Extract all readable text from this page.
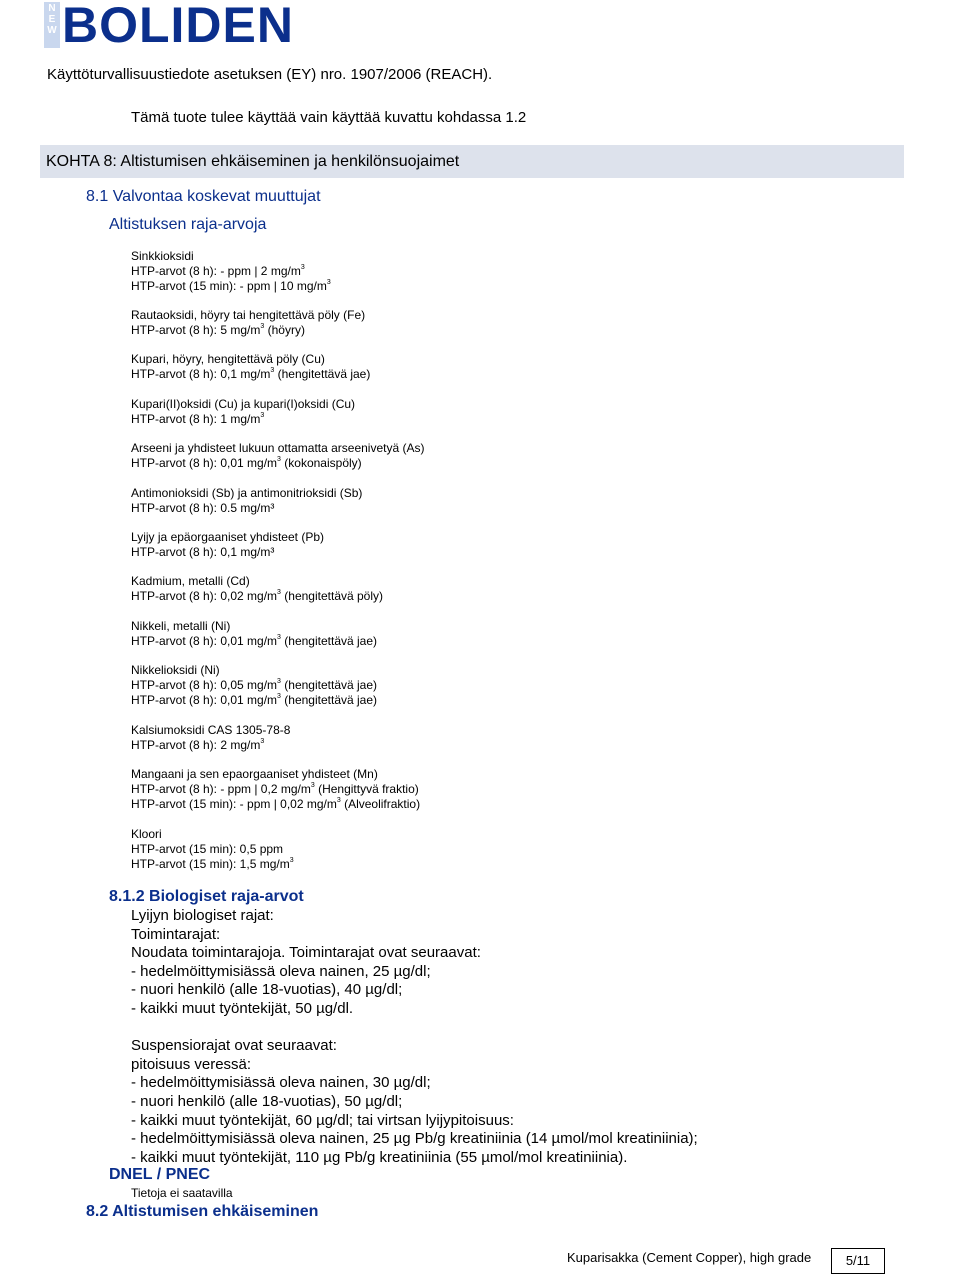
N
E
W BOLIDEN
Käyttöturvallisuustiedote asetuksen (EY) nro. 1907/2006 (REACH).
Tämä tuote tulee käyttää vain käyttää kuvattu kohdassa 1.2
KOHTA 8: Altistumisen ehkäiseminen ja henkilönsuojaimet
8.1 Valvontaa koskevat muuttujat
Altistuksen raja-arvoja
Sinkkioksidi
HTP-arvot (8 h): - ppm | 2 $mg/m^3$
HTP-arvot (15 min): - ppm | 10 $mg/m^3$
Rautaoksidi, höyry tai hengitettävä pöly (Fe)
HTP-arvot (8 h): 5 $mg/m^3$ (höyry)
Kupari, höyry, hengitettävä pöly (Cu)
HTP-arvot (8 h): 0,1 $mg/m^3$ (hengitettävä jae)
Kupari(II)oksidi (Cu) ja kupari(I)oksidi (Cu)
HTP-arvot (8 h): 1 $mg/m^3$
Arseeni ja yhdisteet lukuun ottamatta arseenivetyä (As)
HTP-arvot (8 h): 0,01 $mg/m^3$ (kokonaispöly)
Antimonioksidi (Sb) ja antimonitrioksidi (Sb)
HTP-arvot (8 h): 0.5 mg/m³
Lyijy ja epäorgaaniset yhdisteet (Pb)
HTP-arvot (8 h): 0,1 mg/m³
Kadmium, metalli (Cd)
HTP-arvot (8 h): 0,02 $mg/m^3$ (hengitettävä pöly)
Nikkeli, metalli (Ni)
HTP-arvot (8 h): 0,01 $mg/m^3$ (hengitettävä jae)
Nikkelioksidi (Ni)
HTP-arvot (8 h): 0,05 $mg/m^3$ (hengitettävä jae)
HTP-arvot (8 h): 0,01 $mg/m^3$ (hengitettävä jae)
Kalsiumoksidi CAS 1305-78-8
HTP-arvot (8 h): 2 $mg/m^3$
Mangaani ja sen epaorgaaniset yhdisteet (Mn)
HTP-arvot (8 h): - ppm | 0,2 $mg/m^3$ (Hengittyvä fraktio)
HTP-arvot (15 min): - ppm | 0,02 $mg/m^3$ (Alveolifraktio)
Kloori
HTP-arvot (15 min): 0,5 ppm
HTP-arvot (15 min): 1,5 $mg/m^3$
8.1.2 Biologiset raja-arvot
Lyijyn biologiset rajat:
Toimintarajat:
Noudata toimintarajoja. Toimintarajat ovat seuraavat:
- hedelmöittymisiässä oleva nainen, 25 µg/dl;
- nuori henkilö (alle 18-vuotias), 40 µg/dl;
- kaikki muut työntekijät, 50 µg/dl.
Suspensiorajat ovat seuraavat:
pitoisuus veressä:
- hedelmöittymisiässä oleva nainen, 30 µg/dl;
- nuori henkilö (alle 18-vuotias), 50 µg/dl;
- kaikki muut työntekijät, 60 µg/dl; tai virtsan lyijypitoisuus:
- hedelmöittymisiässä oleva nainen, 25 µg Pb/g kreatiniinia (14 µmol/mol kreatiniinia);
- kaikki muut työntekijät, 110 µg Pb/g kreatiniinia (55 µmol/mol kreatiniinia).
DNEL / PNEC
Tietoja ei saatavilla
8.2 Altistumisen ehkäiseminen
Kuparisakka (Cement Copper), high grade	5/11
